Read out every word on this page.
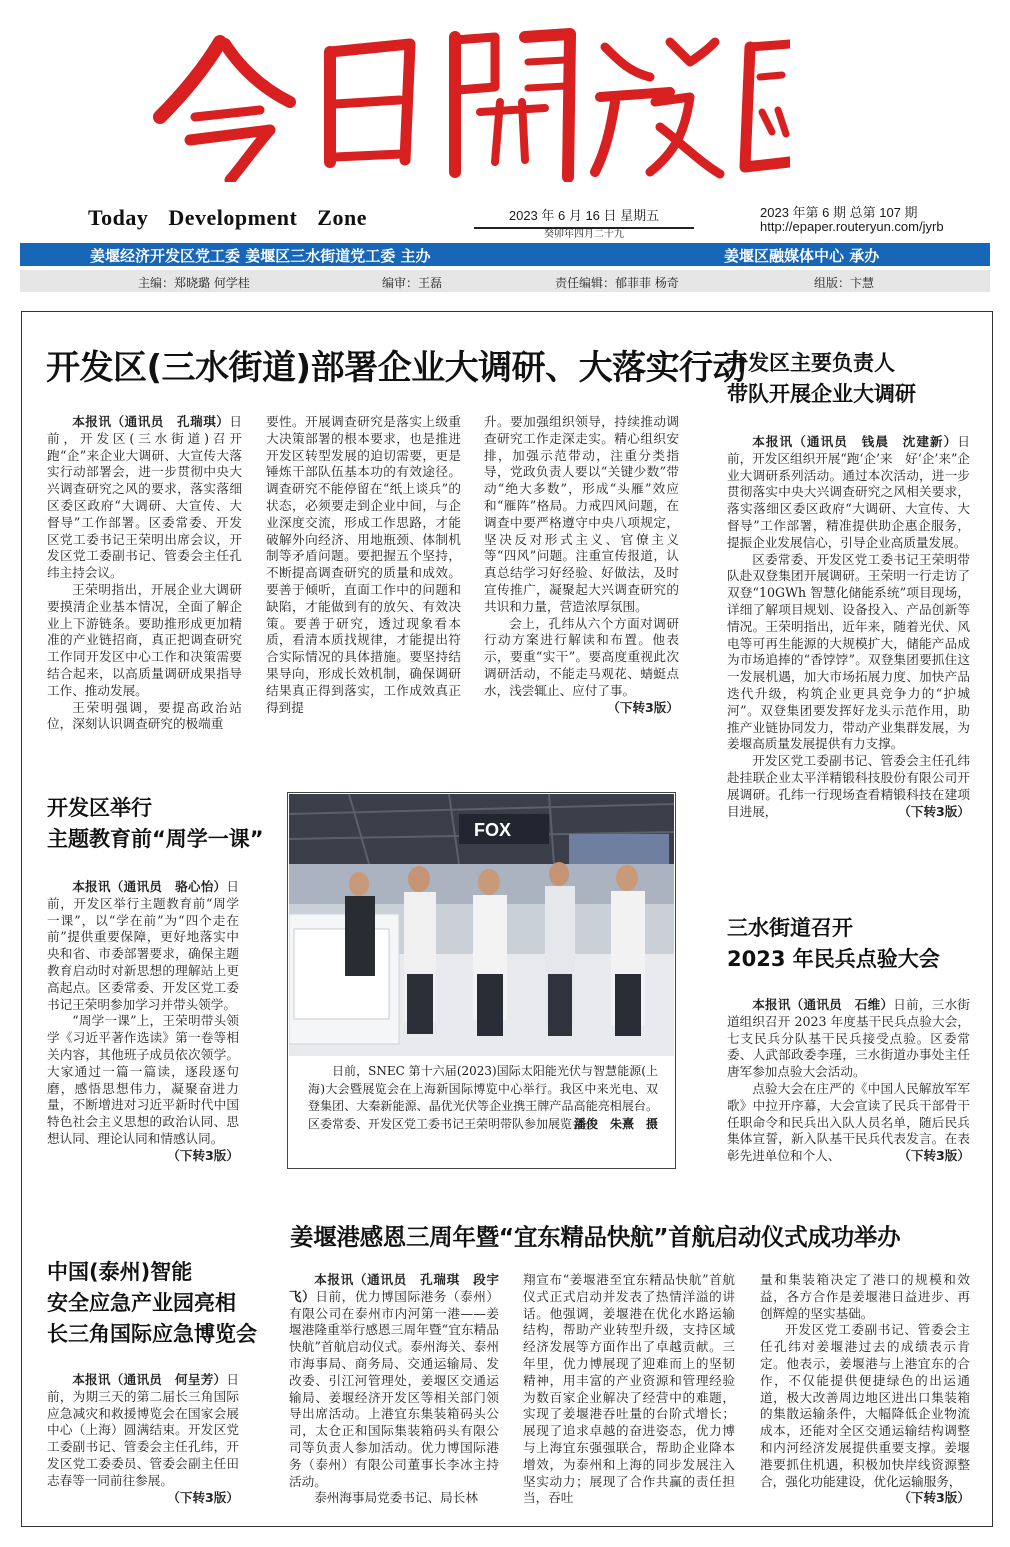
Today Development Zone	2023 年 6 月 16 日 星期五
癸卯年四月二十九
2023 年第 6 期 总第 107 期
http://epaper.routeryun.com/jyrb
姜堰经济开发区党工委 姜堰区三水街道党工委 主办	姜堰区融媒体中心 承办
主编：郑晓璐 何学桂	编审：王磊	责任编辑：郁菲菲 杨奇	组版：卞慧
开发区(三水街道)部署企业大调研、大落实行动

本报讯（通讯员　孔瑞琪）日前，开发区(三水街道)召开跑“企”来企业大调研、大宣传大落实行动部署会，进一步贯彻中央大兴调查研究之风的要求，落实落细区委区政府“大调研、大宣传、大督导”工作部署。区委常委、开发区党工委书记王荣明出席会议，开发区党工委副书记、管委会主任孔纬主持会议。

王荣明指出，开展企业大调研要摸清企业基本情况，全面了解企业上下游链条。要助推形成更加精准的产业链招商，真正把调查研究工作同开发区中心工作和决策需要结合起来，以高质量调研成果指导工作、推动发展。

王荣明强调，要提高政治站位，深刻认识调查研究的极端重

要性。开展调查研究是落实上级重大决策部署的根本要求，也是推进开发区转型发展的迫切需要，更是锤炼干部队伍基本功的有效途径。调查研究不能停留在“纸上谈兵”的状态，必须要走到企业中间，与企业深度交流，形成工作思路，才能破解外向经济、用地瓶颈、体制机制等矛盾问题。要把握五个坚持，不断提高调查研究的质量和成效。要善于倾听，直面工作中的问题和缺陷，才能做到有的放矢、有效决策。要善于研究，透过现象看本质，看清本质找规律，才能提出符合实际情况的具体措施。要坚持结果导向，形成长效机制，确保调研结果真正得到落实，工作成效真正得到提
升。要加强组织领导，持续推动调查研究工作走深走实。精心组织安排，加强示范带动，注重分类指导，党政负责人要以“关键少数”带动“绝大多数”，形成“头雁”效应和“雁阵”格局。力戒四风问题，在调查中要严格遵守中央八项规定，坚决反对形式主义、官僚主义等“四风”问题。注重宣传报道，认真总结学习好经验、好做法，及时宣传推广，凝聚起大兴调查研究的共识和力量，营造浓厚氛围。

会上，孔纬从六个方面对调研行动方案进行解读和布置。他表示，要重“实干”。要高度重视此次调研活动，不能走马观花、蜻蜓点水，浅尝辄止、应付了事。
（下转3版）

开发区主要负责人
带队开展企业大调研

本报讯（通讯员　钱晨　沈建新）日前，开发区组织开展“跑‘企’来　好‘企’来”企业大调研系列活动。通过本次活动，进一步贯彻落实中央大兴调查研究之风相关要求，落实落细区委区政府“大调研、大宣传、大督导”工作部署，精准提供助企惠企服务，提振企业发展信心，引导企业高质量发展。

区委常委、开发区党工委书记王荣明带队赴双登集团开展调研。王荣明一行走访了双登“10GWh 智慧化储能系统”项目现场，详细了解项目规划、设备投入、产品创新等情况。王荣明指出，近年来，随着光伏、风电等可再生能源的大规模扩大，储能产品成为市场追捧的“香饽饽”。双登集团要抓住这一发展机遇，加大市场拓展力度、加快产品迭代升级，构筑企业更具竞争力的“护城河”。双登集团要发挥好龙头示范作用，助推产业链协同发力，带动产业集群发展，为姜堰高质量发展提供有力支撑。

开发区党工委副书记、管委会主任孔纬赴挂联企业太平洋精锻科技股份有限公司开展调研。孔纬一行现场查看精锻科技在建项目进展，	（下转3版）

开发区举行
主题教育前“周学一课”

本报讯（通讯员　骆心怡）日前，开发区举行主题教育前“周学一课”，以“学在前”为“四个走在前”提供重要保障，更好地落实中央和省、市委部署要求，确保主题教育启动时对新思想的理解站上更高起点。区委常委、开发区党工委书记王荣明参加学习并带头领学。

“周学一课”上，王荣明带头领学《习近平著作选读》第一卷等相关内容，其他班子成员依次领学。大家通过一篇一篇读，逐段逐句磨，感悟思想伟力，凝聚奋进力量，不断增进对习近平新时代中国特色社会主义思想的政治认同、思想认同、理论认同和情感认同。

（下转3版）

FOX
日前，SNEC 第十六届(2023)国际太阳能光伏与智慧能源(上海)大会暨展览会在上海新国际博览中心举行。我区中来光电、双登集团、大秦新能源、晶优光伏等企业携王牌产品高能亮相展台。区委常委、开发区党工委书记王荣明带队参加展览会。
潘俊　朱熹　摄
三水街道召开
2023 年民兵点验大会

本报讯（通讯员　石维）日前，三水街道组织召开 2023 年度基干民兵点验大会，七支民兵分队基干民兵接受点验。区委常委、人武部政委李瑾，三水街道办事处主任唐军参加点验大会活动。

点验大会在庄严的《中国人民解放军军歌》中拉开序幕，大会宣读了民兵干部骨干任职命令和民兵出入队人员名单，随后民兵集体宣誓，新入队基干民兵代表发言。在表彰先进单位和个人、	（下转3版）

姜堰港感恩三周年暨“宜东精品快航”首航启动仪式成功举办

本报讯（通讯员　孔瑞琪　段宇飞）日前，优力博国际港务（泰州）有限公司在泰州市内河第一港——姜堰港隆重举行感恩三周年暨“宜东精品快航”首航启动仪式。泰州海关、泰州市海事局、商务局、交通运输局、发改委、引江河管理处，姜堰区交通运输局、姜堰经济开发区等相关部门领导出席活动。上港宜东集装箱码头公司，太仓正和国际集装箱码头有限公司等负责人参加活动。优力博国际港务（泰州）有限公司董事长李冰主持活动。

泰州海事局党委书记、局长林

翔宣布“姜堰港至宜东精品快航”首航仪式正式启动并发表了热情洋溢的讲话。他强调，姜堰港在优化水路运输结构，帮助产业转型升级，支持区域经济发展等方面作出了卓越贡献。三年里，优力博展现了迎难而上的坚韧精神，用丰富的产业资源和管理经验为数百家企业解决了经营中的难题，实现了姜堰港吞吐量的台阶式增长；展现了追求卓越的奋进姿态，优力博与上海宜东强强联合，帮助企业降本增效，为泰州和上海的同步发展注入坚实动力；展现了合作共赢的责任担当，吞吐
量和集装箱决定了港口的规模和效益，各方合作是姜堰港日益进步、再创辉煌的坚实基础。

开发区党工委副书记、管委会主任孔纬对姜堰港过去的成绩表示肯定。他表示，姜堰港与上港宜东的合作，不仅能提供便捷绿色的出运通道，极大改善周边地区进出口集装箱的集散运输条件，大幅降低企业物流成本，还能对全区交通运输结构调整和内河经济发展提供重要支撑。姜堰港要抓住机遇，积极加快岸线资源整合，强化功能建设，优化运输服务，
（下转3版）

中国(泰州)智能
安全应急产业园亮相
长三角国际应急博览会

本报讯（通讯员　何呈芳）日前，为期三天的第二届长三角国际应急减灾和救援博览会在国家会展中心（上海）圆满结束。开发区党工委副书记、管委会主任孔纬，开发区党工委委员、管委会副主任田志春等一同前往参展。
（下转3版）
